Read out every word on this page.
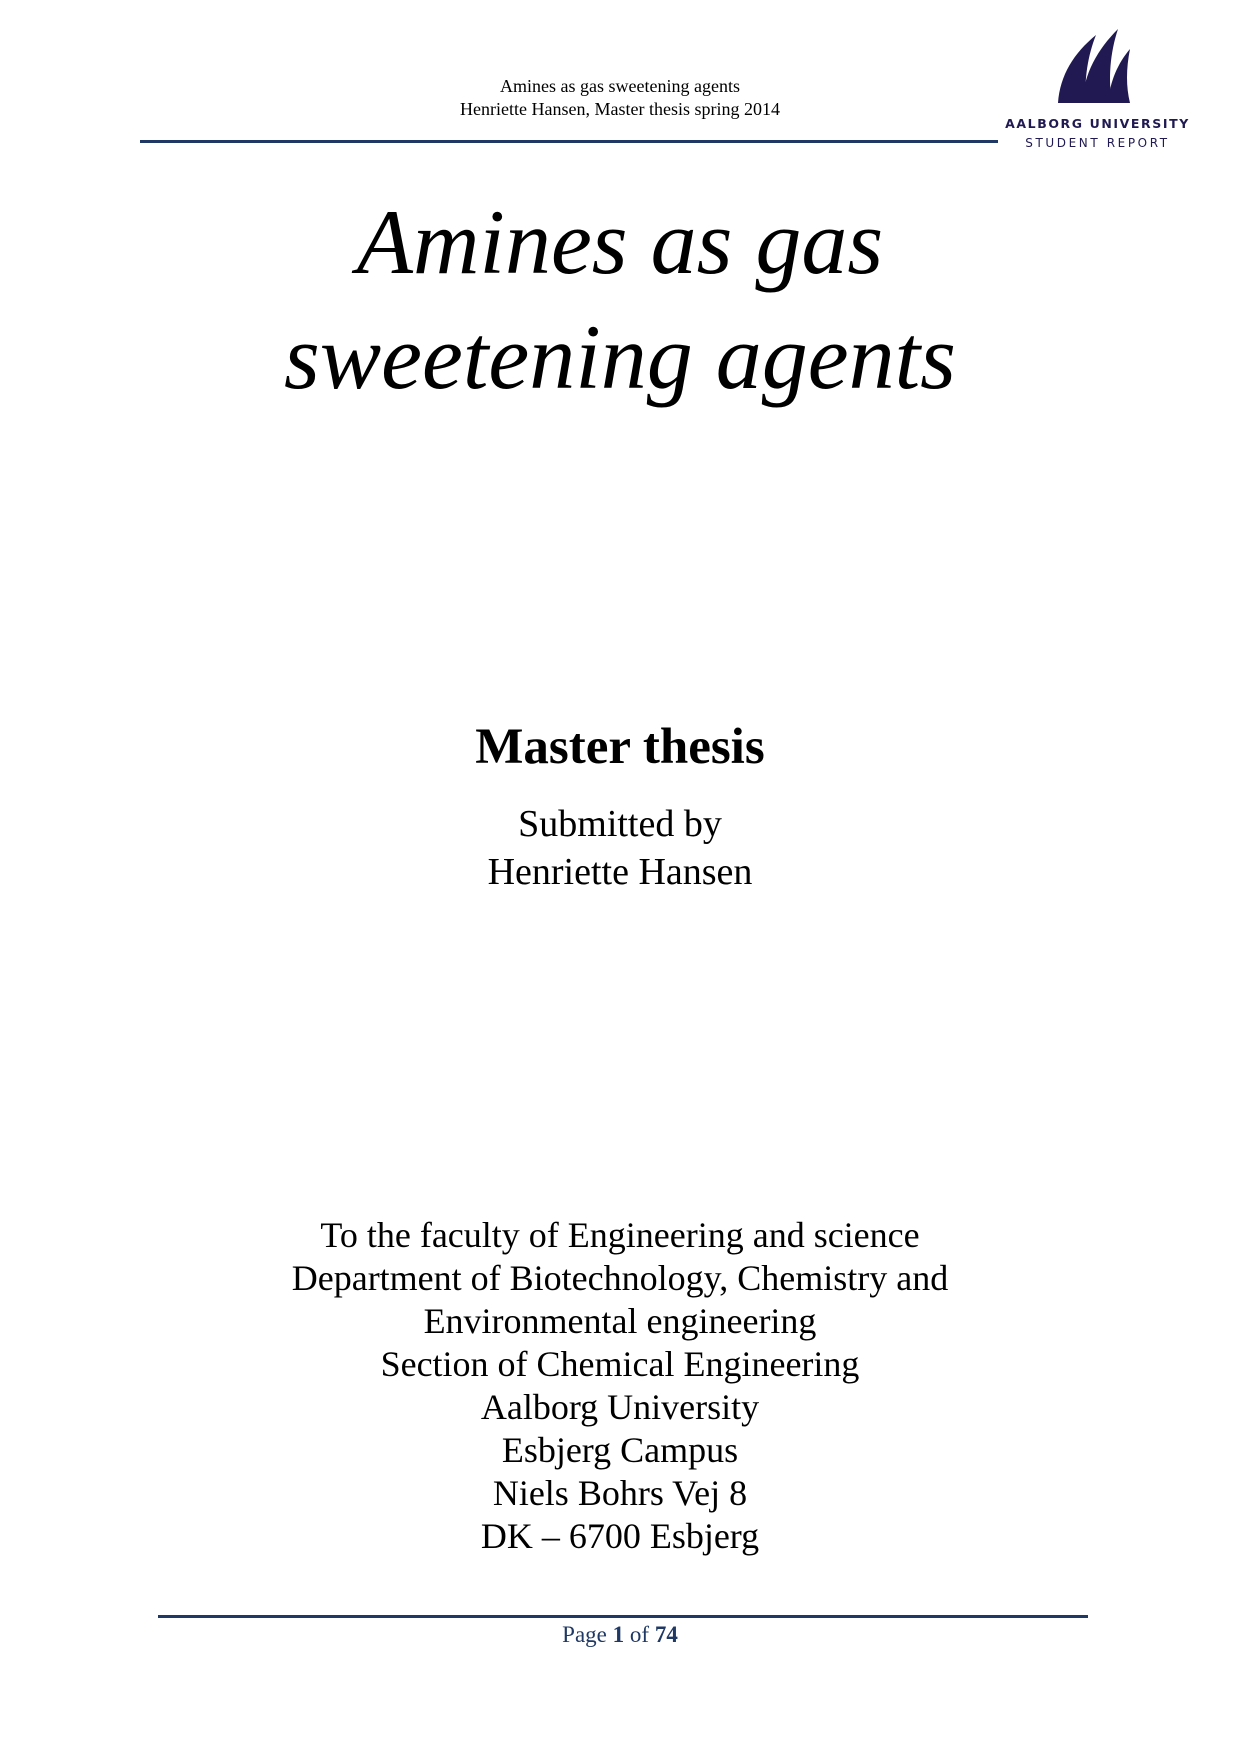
Amines as gas sweetening agents
Henriette Hansen, Master thesis spring 2014
AALBORG UNIVERSITY
STUDENT REPORT
Amines as gas
sweetening agents
Master thesis
Submitted by
Henriette Hansen
To the faculty of Engineering and science
Department of Biotechnology, Chemistry and
Environmental engineering
Section of Chemical Engineering
Aalborg University
Esbjerg Campus
Niels Bohrs Vej 8
DK – 6700 Esbjerg
Page 1 of 74
